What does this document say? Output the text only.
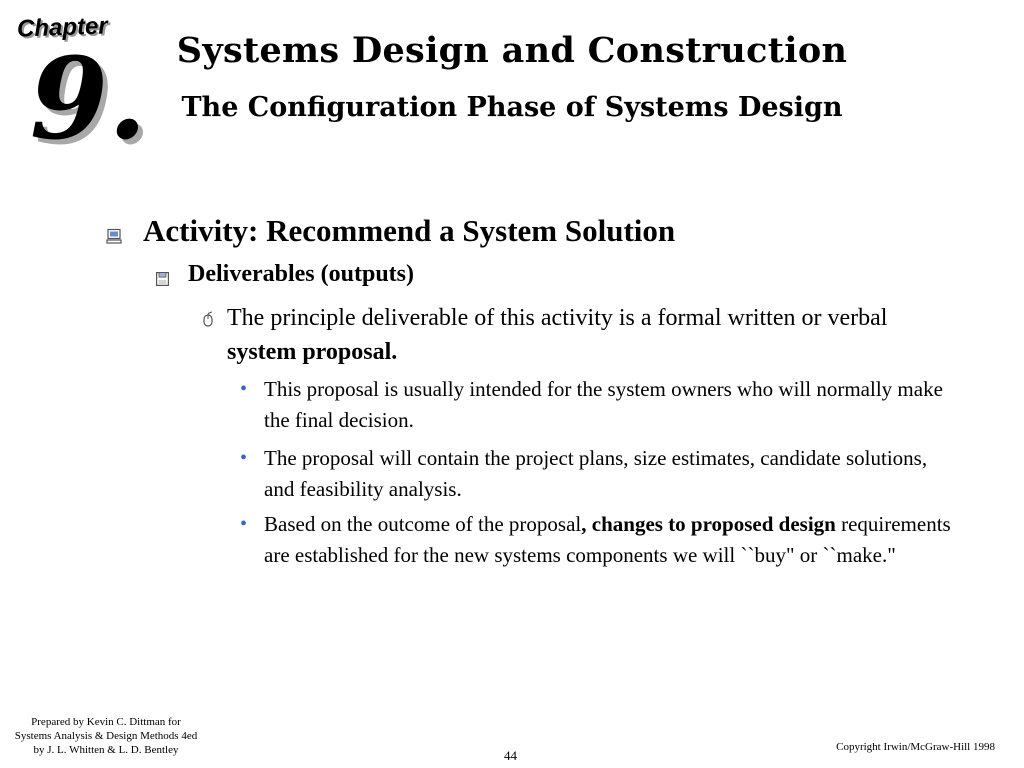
Chapter
9. Systems Design and Construction
The Configuration Phase of Systems Design
Activity: Recommend a System Solution
Deliverables (outputs)
The principle deliverable of this activity is a formal written or verbal system proposal.
• This proposal is usually intended for the system owners who will normally make the final decision.
• The proposal will contain the project plans, size estimates, candidate solutions, and feasibility analysis.
• Based on the outcome of the proposal, changes to proposed design requirements are established for the new systems components we will ``buy" or ``make."
Prepared by Kevin C. Dittman for
Systems Analysis & Design Methods 4ed
by J. L. Whitten & L. D. Bentley	44
Copyright Irwin/McGraw-Hill 1998
